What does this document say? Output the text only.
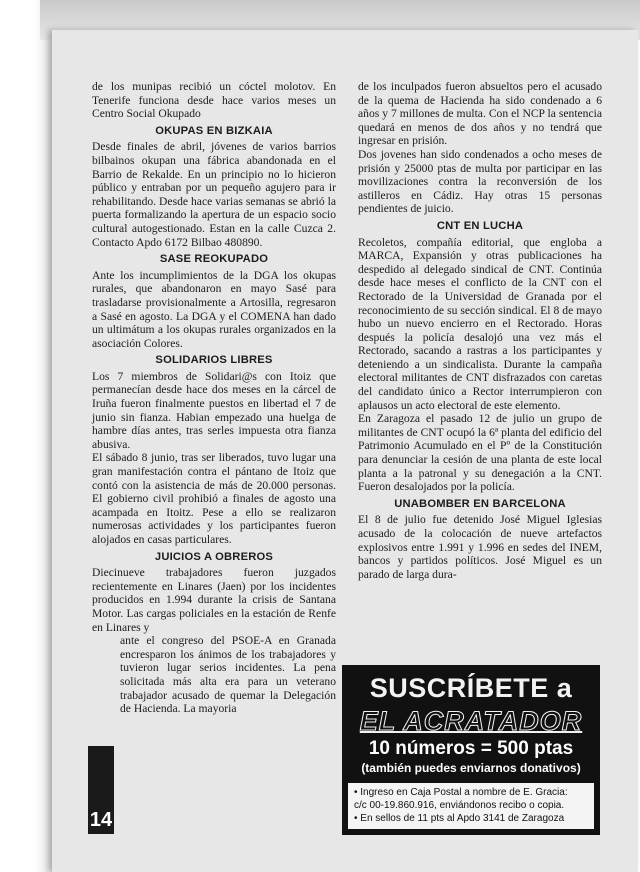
de los munipas recibió un cóctel molotov. En Tenerife funciona desde hace varios meses un Centro Social Okupado

OKUPAS EN BIZKAIA

Desde finales de abril, jóvenes de varios barrios bilbainos okupan una fábrica abandonada en el Barrio de Rekalde. En un principio no lo hicieron público y entraban por un pequeño agujero para ir rehabilitando. Desde hace varias semanas se abrió la puerta formalizando la apertura de un espacio socio cultural autogestionado. Estan en la calle Cuzca 2. Contacto Apdo 6172 Bilbao 480890.

SASE REOKUPADO

Ante los incumplimientos de la DGA los okupas rurales, que abandonaron en mayo Sasé para trasladarse provisionalmente a Artosilla, regresaron a Sasé en agosto. La DGA y el COMENA han dado un ultimátum a los okupas rurales organizados en la asociación Colores.

SOLIDARIOS LIBRES

Los 7 miembros de Solidari@s con Itoiz que permanecían desde hace dos meses en la cárcel de Iruña fueron finalmente puestos en libertad el 7 de junio sin fianza. Habian empezado una huelga de hambre días antes, tras serles impuesta otra fianza abusiva.

El sábado 8 junio, tras ser liberados, tuvo lugar una gran manifestación contra el pántano de Itoiz que contó con la asistencia de más de 20.000 personas. El gobierno civil prohibió a finales de agosto una acampada en Itoitz. Pese a ello se realizaron numerosas actividades y los participantes fueron alojados en casas particulares.

JUICIOS A OBREROS

Diecinueve trabajadores fueron juzgados recientemente en Linares (Jaen) por los incidentes producidos en 1.994 durante la crisis de Santana Motor. Las cargas policiales en la estación de Renfe en Linares y

ante el congreso del PSOE-A en Granada encresparon los ánimos de los trabajadores y tuvieron lugar serios incidentes. La pena solicitada más alta era para un veterano trabajador acusado de quemar la Delegación de Hacienda. La mayoria

14

de los inculpados fueron absueltos pero el acusado de la quema de Hacienda ha sido condenado a 6 años y 7 millones de multa. Con el NCP la sentencia quedará en menos de dos años y no tendrá que ingresar en prisión.

Dos jovenes han sido condenados a ocho meses de prisión y 25000 ptas de multa por participar en las movilizaciones contra la reconversión de los astilleros en Cádiz. Hay otras 15 personas pendientes de juicio.

CNT EN LUCHA

Recoletos, compañía editorial, que engloba a MARCA, Expansión y otras publicaciones ha despedido al delegado sindical de CNT. Continúa desde hace meses el conflicto de la CNT con el Rectorado de la Universidad de Granada por el reconocimiento de su sección sindical. El 8 de mayo hubo un nuevo encierro en el Rectorado. Horas después la policía desalojó una vez más el Rectorado, sacando a rastras a los participantes y deteniendo a un sindicalista. Durante la campaña electoral militantes de CNT disfrazados con caretas del candidato único a Rector interrumpieron con aplausos un acto electoral de este elemento.

En Zaragoza el pasado 12 de julio un grupo de militantes de CNT ocupó la 6ª planta del edificio del Patrimonio Acumulado en el Pº de la Constitución para denunciar la cesión de una planta de este local planta a la patronal y su denegación a la CNT. Fueron desalojados por la policía.

UNABOMBER EN BARCELONA

El 8 de julio fue detenido José Miguel Iglesias acusado de la colocación de nueve artefactos explosivos entre 1.991 y 1.996 en sedes del INEM, bancos y partidos políticos. José Miguel es un parado de larga dura-

SUSCRÍBETE a
EL ACRATADOR
10 números = 500 ptas
(también puedes enviarnos donativos)
• Ingreso en Caja Postal a nombre de E. Gracia:
c/c 00-19.860.916, enviándonos recibo o copia.
• En sellos de 11 pts al Apdo 3141 de Zaragoza
